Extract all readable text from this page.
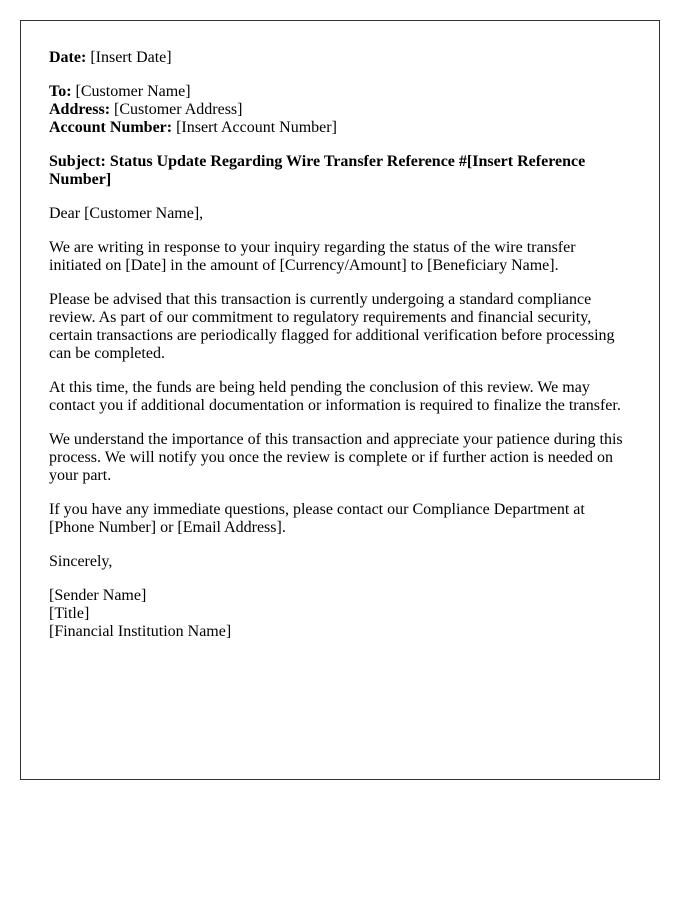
Date: [Insert Date]

To: [Customer Name]
Address: [Customer Address]
Account Number: [Insert Account Number]

Subject: Status Update Regarding Wire Transfer Reference #[Insert Reference Number]

Dear [Customer Name],

We are writing in response to your inquiry regarding the status of the wire transfer initiated on [Date] in the amount of [Currency/Amount] to [Beneficiary Name].

Please be advised that this transaction is currently undergoing a standard compliance review. As part of our commitment to regulatory requirements and financial security, certain transactions are periodically flagged for additional verification before processing can be completed.

At this time, the funds are being held pending the conclusion of this review. We may contact you if additional documentation or information is required to finalize the transfer.

We understand the importance of this transaction and appreciate your patience during this process. We will notify you once the review is complete or if further action is needed on your part.

If you have any immediate questions, please contact our Compliance Department at [Phone Number] or [Email Address].

Sincerely,

[Sender Name]
[Title]
[Financial Institution Name]
